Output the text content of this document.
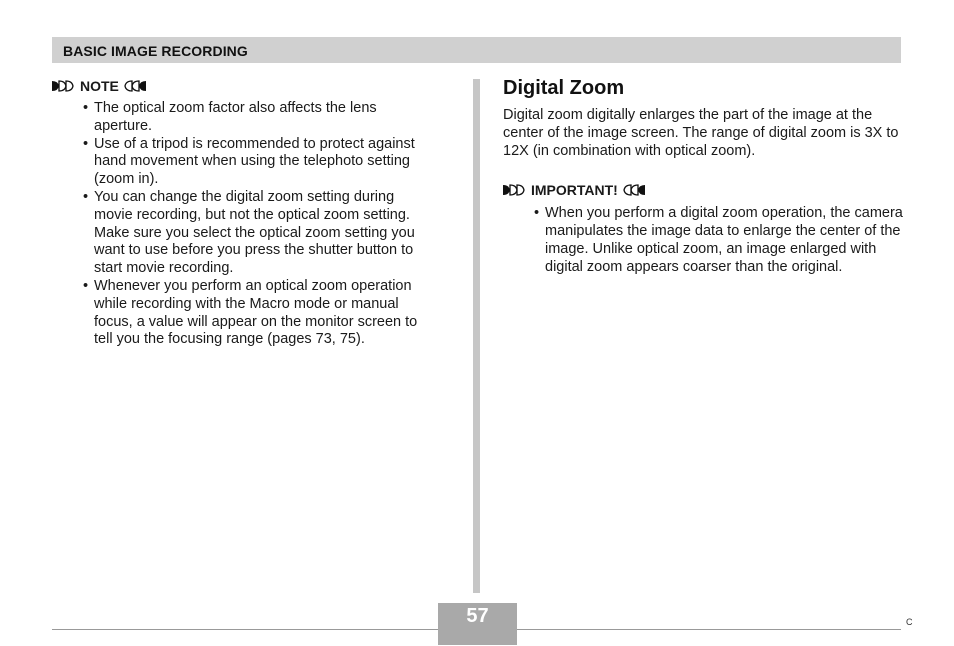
BASIC IMAGE RECORDING
NOTE
• The optical zoom factor also affects the lens aperture.
• Use of a tripod is recommended to protect against hand movement when using the telephoto setting (zoom in).
• You can change the digital zoom setting during movie recording, but not the optical zoom setting. Make sure you select the optical zoom setting you want to use before you press the shutter button to start movie recording.
• Whenever you perform an optical zoom operation while recording with the Macro mode or manual focus, a value will appear on the monitor screen to tell you the focusing range (pages 73, 75).
Digital Zoom

Digital zoom digitally enlarges the part of the image at the center of the image screen. The range of digital zoom is 3X to 12X (in combination with optical zoom).

IMPORTANT!
• When you perform a digital zoom operation, the camera manipulates the image data to enlarge the center of the image. Unlike optical zoom, an image enlarged with digital zoom appears coarser than the original.
57	C
